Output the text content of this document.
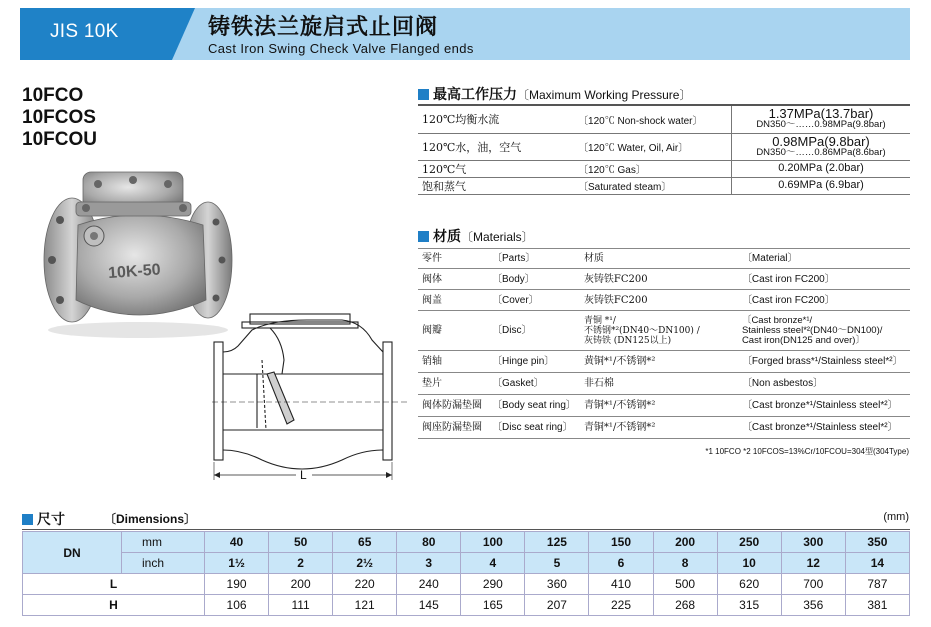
JIS 10K	铸铁法兰旋启式止回阀
Cast Iron Swing Check Valve Flanged ends
10FCO
10FCOS
10FCOU
10K-50
L
最高工作压力〔Maximum Working Pressure〕
120℃均衡水流	〔120℃ Non-shock water〕	1.37MPa(13.7bar)
DN350～……0.98MPa(9.8bar)

120℃水，油，空气	〔120℃ Water, Oil, Air〕	0.98MPa(9.8bar)
DN350～……0.86MPa(8.6bar)

120℃气	〔120℃ Gas〕	0.20MPa (2.0bar)
饱和蒸气	〔Saturated steam〕	0.69MPa (6.9bar)
材质〔Materials〕
零件	〔Parts〕	材质	〔Material〕
阀体	〔Body〕	灰铸铁FC200	〔Cast iron FC200〕
阀盖	〔Cover〕	灰铸铁FC200	〔Cast iron FC200〕
阀瓣	〔Disc〕	青铜 *¹/
不锈钢*²(DN40～DN100) /
灰铸铁 (DN125以上)	〔Cast bronze*¹/
Stainless steel*²(DN40～DN100)/
Cast iron(DN125 and over)〕
销轴	〔Hinge pin〕	黄铜*¹/不锈钢*²	〔Forged brass*¹/Stainless steel*²〕
垫片	〔Gasket〕	非石棉	〔Non asbestos〕
阀体防漏垫圈	〔Body seat ring〕	青铜*¹/不锈钢*²	〔Cast bronze*¹/Stainless steel*²〕
阀座防漏垫圈	〔Disc seat ring〕	青铜*¹/不锈钢*²	〔Cast bronze*¹/Stainless steel*²〕
*1 10FCO *2 10FCOS=13%Cr/10FCOU=304型(304Type)
尺寸	〔Dimensions〕	(mm)
DN	mm	40	50	65	80	100	125	150	200	250	300	350
	inch	1½	2	2½	3	4	5	6	8	10	12	14
L		190	200	220	240	290	360	410	500	620	700	787
H		106	111	121	145	165	207	225	268	315	356	381
